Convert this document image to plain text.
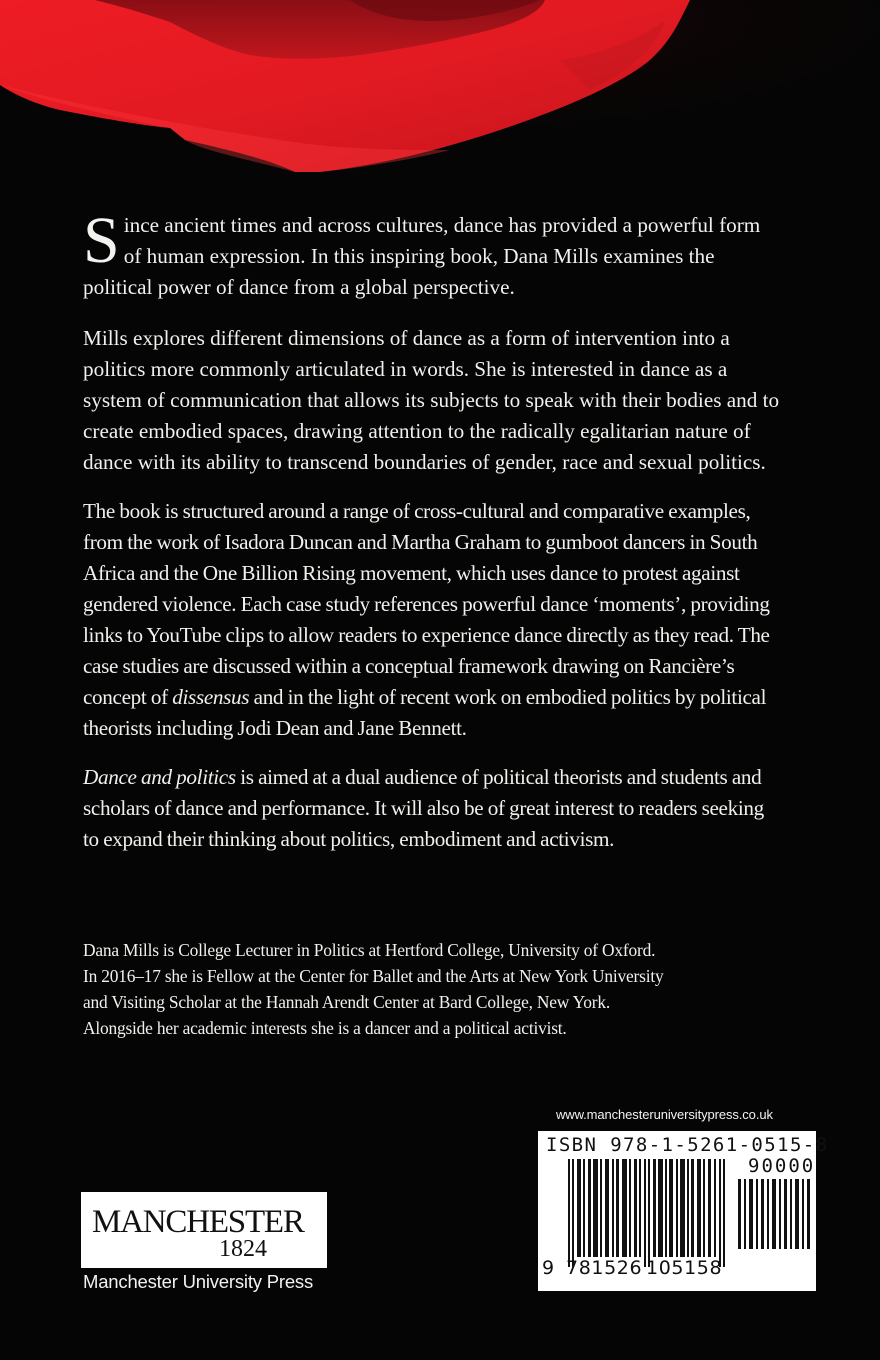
Since ancient times and across cultures, dance has provided a powerful form of human expression. In this inspiring book, Dana Mills examines the political power of dance from a global perspective.

Mills explores different dimensions of dance as a form of intervention into a politics more commonly articulated in words. She is interested in dance as a system of communication that allows its subjects to speak with their bodies and to create embodied spaces, drawing attention to the radically egalitarian nature of dance with its ability to transcend boundaries of gender, race and sexual politics.

The book is structured around a range of cross-cultural and comparative examples, from the work of Isadora Duncan and Martha Graham to gumboot dancers in South Africa and the One Billion Rising movement, which uses dance to protest against gendered violence. Each case study references powerful dance ‘moments’, providing links to YouTube clips to allow readers to experience dance directly as they read. The case studies are discussed within a conceptual framework drawing on Rancière’s concept of dissensus and in the light of recent work on embodied politics by political theorists including Jodi Dean and Jane Bennett.

Dance and politics is aimed at a dual audience of political theorists and students and scholars of dance and performance. It will also be of great interest to readers seeking to expand their thinking about politics, embodiment and activism.

Dana Mills is College Lecturer in Politics at Hertford College, University of Oxford.

In 2016–17 she is Fellow at the Center for Ballet and the Arts at New York University

and Visiting Scholar at the Hannah Arendt Center at Bard College, New York.

Alongside her academic interests she is a dancer and a political activist.

www.manchesteruniversitypress.co.uk
ISBN 978-1-5261-0515-8
90000
9 781526 105158
MANCHESTER
1824
Manchester University Press
